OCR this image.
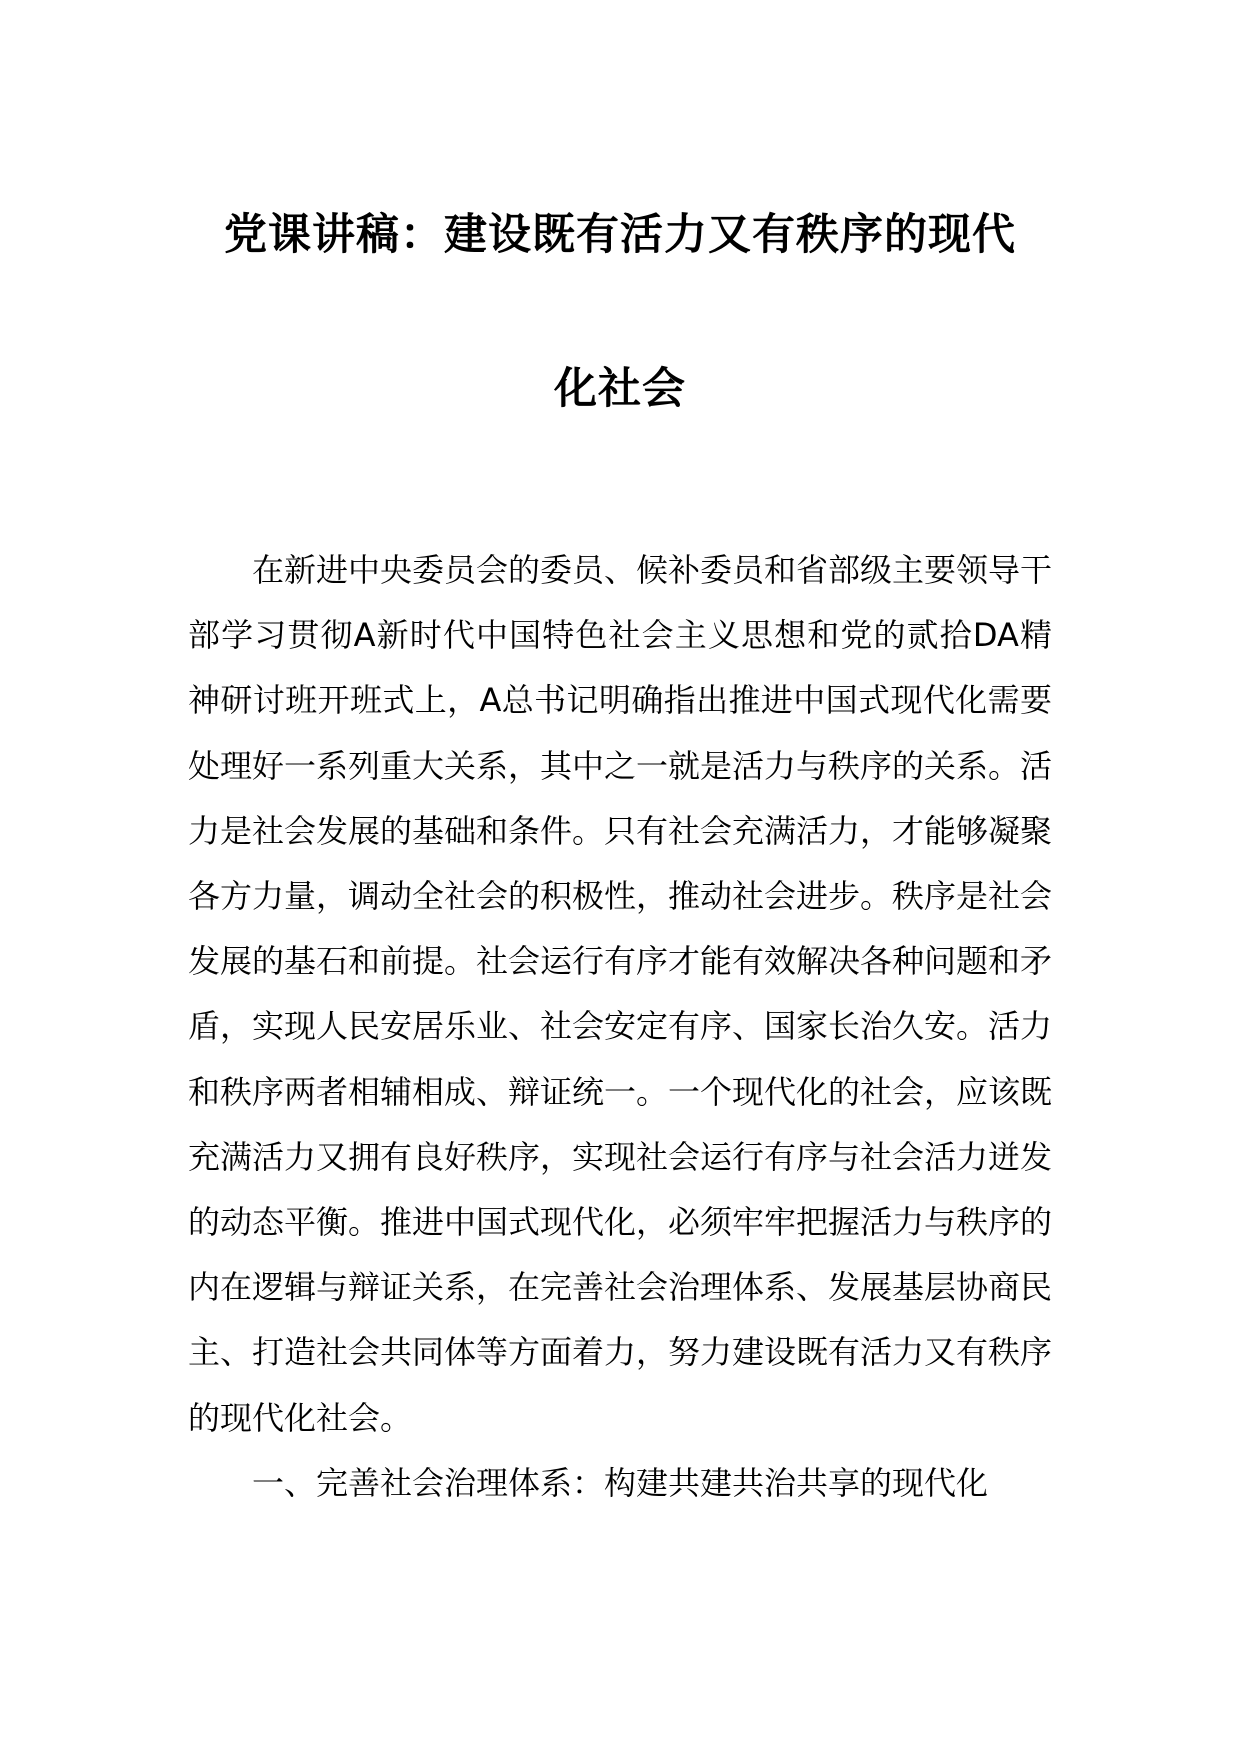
党课讲稿：建设既有活力又有秩序的现代
化社会

在新进中央委员会的委员、候补委员和省部级主要领导干部学习贯彻A新时代中国特色社会主义思想和党的贰拾DA精神研讨班开班式上，A总书记明确指出推进中国式现代化需要处理好一系列重大关系，其中之一就是活力与秩序的关系。活力是社会发展的基础和条件。只有社会充满活力，才能够凝聚各方力量，调动全社会的积极性，推动社会进步。秩序是社会发展的基石和前提。社会运行有序才能有效解决各种问题和矛盾，实现人民安居乐业、社会安定有序、国家长治久安。活力和秩序两者相辅相成、辩证统一。一个现代化的社会，应该既充满活力又拥有良好秩序，实现社会运行有序与社会活力迸发的动态平衡。推进中国式现代化，必须牢牢把握活力与秩序的内在逻辑与辩证关系，在完善社会治理体系、发展基层协商民主、打造社会共同体等方面着力，努力建设既有活力又有秩序的现代化社会。

一、完善社会治理体系：构建共建共治共享的现代化
